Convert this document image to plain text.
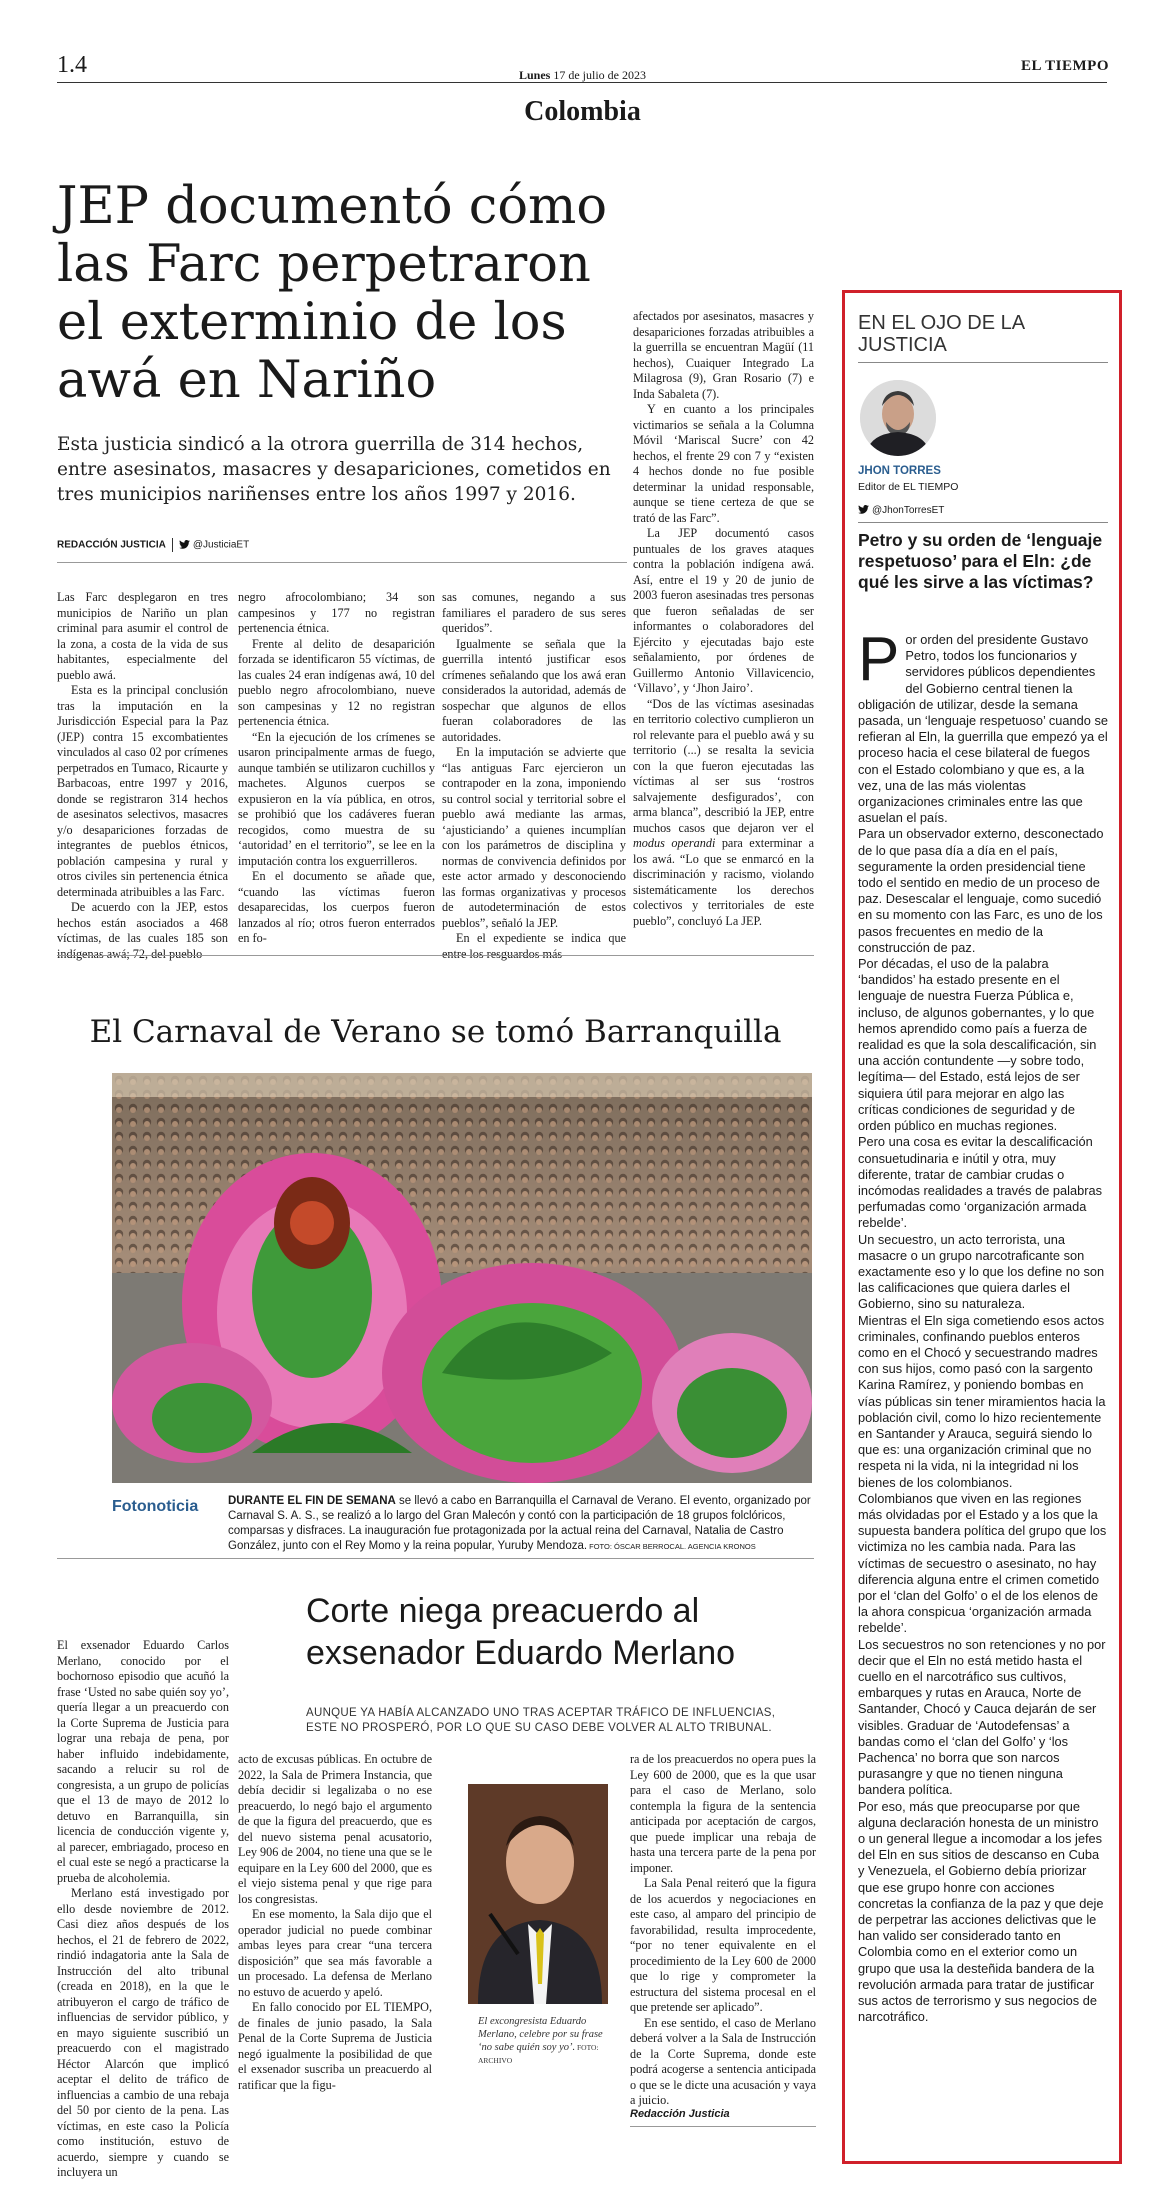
1.4	Lunes 17 de julio de 2023
EL TIEMPO
Colombia
JEP documentó cómo las Farc perpetraron el exterminio de los awá en Nariño
Esta justicia sindicó a la otrora guerrilla de 314 hechos, entre asesinatos, masacres y desapariciones, cometidos en tres municipios nariñenses entre los años 1997 y 2016.
REDACCIÓN JUSTICIA	@JusticiaET

Las Farc desplegaron en tres municipios de Nariño un plan criminal para asumir el control de la zona, a costa de la vida de sus habitantes, especialmente del pueblo awá.

Esta es la principal conclusión tras la imputación en la Jurisdicción Especial para la Paz (JEP) contra 15 excombatientes vinculados al caso 02 por crímenes perpetrados en Tumaco, Ricaurte y Barbacoas, entre 1997 y 2016, donde se registraron 314 hechos de asesinatos selectivos, masacres y/o desapariciones forzadas de integrantes de pueblos étnicos, población campesina y rural y otros civiles sin pertenencia étnica determinada atribuibles a las Farc.

De acuerdo con la JEP, estos hechos están asociados a 468 víctimas, de las cuales 185 son indígenas awá; 72, del pueblo

negro afrocolombiano; 34 son campesinos y 177 no registran pertenencia étnica.

Frente al delito de desaparición forzada se identificaron 55 víctimas, de las cuales 24 eran indígenas awá, 10 del pueblo negro afrocolombiano, nueve son campesinas y 12 no registran pertenencia étnica.

“En la ejecución de los crímenes se usaron principalmente armas de fuego, aunque también se utilizaron cuchillos y machetes. Algunos cuerpos se expusieron en la vía pública, en otros, se prohibió que los cadáveres fueran recogidos, como muestra de su ‘autoridad’ en el territorio”, se lee en la imputación contra los exguerrilleros.

En el documento se añade que, “cuando las víctimas fueron desaparecidas, los cuerpos fueron lanzados al río; otros fueron enterrados en fo-

sas comunes, negando a sus familiares el paradero de sus seres queridos”.

Igualmente se señala que la guerrilla intentó justificar esos crímenes señalando que los awá eran considerados la autoridad, además de sospechar que algunos de ellos fueran colaboradores de las autoridades.

En la imputación se advierte que “las antiguas Farc ejercieron un contrapoder en la zona, imponiendo su control social y territorial sobre el pueblo awá mediante las armas, ‘ajusticiando’ a quienes incumplían con los parámetros de disciplina y normas de convivencia definidos por este actor armado y desconociendo las formas organizativas y procesos de autodeterminación de estos pueblos”, señaló la JEP.

En el expediente se indica que entre los resguardos más

afectados por asesinatos, masacres y desapariciones forzadas atribuibles a la guerrilla se encuentran Magüí (11 hechos), Cuaiquer Integrado La Milagrosa (9), Gran Rosario (7) e Inda Sabaleta (7).

Y en cuanto a los principales victimarios se señala a la Columna Móvil ‘Mariscal Sucre’ con 42 hechos, el frente 29 con 7 y “existen 4 hechos donde no fue posible determinar la unidad responsable, aunque se tiene certeza de que se trató de las Farc”.

La JEP documentó casos puntuales de los graves ataques contra la población indígena awá. Así, entre el 19 y 20 de junio de 2003 fueron asesinadas tres personas que fueron señaladas de ser informantes o colaboradores del Ejército y ejecutadas bajo este señalamiento, por órdenes de Guillermo Antonio Villavicencio, ‘Villavo’, y ‘Jhon Jairo’.

“Dos de las víctimas asesinadas en territorio colectivo cumplieron un rol relevante para el pueblo awá y su territorio (...) se resalta la sevicia con la que fueron ejecutadas las víctimas al ser sus ‘rostros salvajemente desfigurados’, con arma blanca”, describió la JEP, entre muchos casos que dejaron ver el modus operandi para exterminar a los awá. “Lo que se enmarcó en la discriminación y racismo, violando sistemáticamente los derechos colectivos y territoriales de este pueblo”, concluyó La JEP.

El Carnaval de Verano se tomó Barranquilla
Fotonoticia	DURANTE EL FIN DE SEMANA se llevó a cabo en Barranquilla el Carnaval de Verano. El evento, organizado por Carnaval S. A. S., se realizó a lo largo del Gran Malecón y contó con la participación de 18 grupos folclóricos, comparsas y disfraces. La inauguración fue protagonizada por la actual reina del Carnaval, Natalia de Castro González, junto con el Rey Momo y la reina popular, Yuruby Mendoza. FOTO: ÓSCAR BERROCAL. AGENCIA KRONOS
Corte niega preacuerdo al exsenador Eduardo Merlano
AUNQUE YA HABÍA ALCANZADO UNO TRAS ACEPTAR TRÁFICO DE INFLUENCIAS, ESTE NO PROSPERÓ, POR LO QUE SU CASO DEBE VOLVER AL ALTO TRIBUNAL.

El exsenador Eduardo Carlos Merlano, conocido por el bochornoso episodio que acuñó la frase ‘Usted no sabe quién soy yo’, quería llegar a un preacuerdo con la Corte Suprema de Justicia para lograr una rebaja de pena, por haber influido indebidamente, sacando a relucir su rol de congresista, a un grupo de policías que el 13 de mayo de 2012 lo detuvo en Barranquilla, sin licencia de conducción vigente y, al parecer, embriagado, proceso en el cual este se negó a practicarse la prueba de alcoholemia.

Merlano está investigado por ello desde noviembre de 2012. Casi diez años después de los hechos, el 21 de febrero de 2022, rindió indagatoria ante la Sala de Instrucción del alto tribunal (creada en 2018), en la que le atribuyeron el cargo de tráfico de influencias de servidor público, y en mayo siguiente suscribió un preacuerdo con el magistrado Héctor Alarcón que implicó aceptar el delito de tráfico de influencias a cambio de una rebaja del 50 por ciento de la pena. Las víctimas, en este caso la Policía como institución, estuvo de acuerdo, siempre y cuando se incluyera un

acto de excusas públicas. En octubre de 2022, la Sala de Primera Instancia, que debía decidir si legalizaba o no ese preacuerdo, lo negó bajo el argumento de que la figura del preacuerdo, que es del nuevo sistema penal acusatorio, Ley 906 de 2004, no tiene una que se le equipare en la Ley 600 del 2000, que es el viejo sistema penal y que rige para los congresistas.

En ese momento, la Sala dijo que el operador judicial no puede combinar ambas leyes para crear “una tercera disposición” que sea más favorable a un procesado. La defensa de Merlano no estuvo de acuerdo y apeló.

En fallo conocido por EL TIEMPO, de finales de junio pasado, la Sala Penal de la Corte Suprema de Justicia negó igualmente la posibilidad de que el exsenador suscriba un preacuerdo al ratificar que la figu-

ra de los preacuerdos no opera pues la Ley 600 de 2000, que es la que usar para el caso de Merlano, solo contempla la figura de la sentencia anticipada por aceptación de cargos, que puede implicar una rebaja de hasta una tercera parte de la pena por imponer.

La Sala Penal reiteró que la figura de los acuerdos y negociaciones en este caso, al amparo del principio de favorabilidad, resulta improcedente, “por no tener equivalente en el procedimiento de la Ley 600 de 2000 que lo rige y comprometer la estructura del sistema procesal en el que pretende ser aplicado”.

En ese sentido, el caso de Merlano deberá volver a la Sala de Instrucción de la Corte Suprema, donde este podrá acogerse a sentencia anticipada o que se le dicte una acusación y vaya a juicio.

El excongresista Eduardo Merlano, celebre por su frase ‘no sabe quién soy yo’. FOTO: ARCHIVO
Redacción Justicia
EN EL OJO DE LA JUSTICIA
JHON TORRES
Editor de EL TIEMPO
@JhonTorresET
Petro y su orden de ‘lenguaje respetuoso’ para el Eln: ¿de qué les sirve a las víctimas?

Por orden del presidente Gustavo Petro, todos los funcionarios y servidores públicos dependientes del Gobierno central tienen la obligación de utilizar, desde la semana pasada, un ‘lenguaje respetuoso’ cuando se refieran al Eln, la guerrilla que empezó ya el proceso hacia el cese bilateral de fuegos con el Estado colombiano y que es, a la vez, una de las más violentas organizaciones criminales entre las que asuelan el país.

Para un observador externo, desconectado de lo que pasa día a día en el país, seguramente la orden presidencial tiene todo el sentido en medio de un proceso de paz. Desescalar el lenguaje, como sucedió en su momento con las Farc, es uno de los pasos frecuentes en medio de la construcción de paz.

Por décadas, el uso de la palabra ‘bandidos’ ha estado presente en el lenguaje de nuestra Fuerza Pública e, incluso, de algunos gobernantes, y lo que hemos aprendido como país a fuerza de realidad es que la sola descalificación, sin una acción contundente —y sobre todo, legítima— del Estado, está lejos de ser siquiera útil para mejorar en algo las críticas condiciones de seguridad y de orden público en muchas regiones.

Pero una cosa es evitar la descalificación consuetudinaria e inútil y otra, muy diferente, tratar de cambiar crudas o incómodas realidades a través de palabras perfumadas como ‘organización armada rebelde’.

Un secuestro, un acto terrorista, una masacre o un grupo narcotraficante son exactamente eso y lo que los define no son las calificaciones que quiera darles el Gobierno, sino su naturaleza.

Mientras el Eln siga cometiendo esos actos criminales, confinando pueblos enteros como en el Chocó y secuestrando madres con sus hijos, como pasó con la sargento Karina Ramírez, y poniendo bombas en vías públicas sin tener miramientos hacia la población civil, como lo hizo recientemente en Santander y Arauca, seguirá siendo lo que es: una organización criminal que no respeta ni la vida, ni la integridad ni los bienes de los colombianos.

Colombianos que viven en las regiones más olvidadas por el Estado y a los que la supuesta bandera política del grupo que los victimiza no les cambia nada. Para las víctimas de secuestro o asesinato, no hay diferencia alguna entre el crimen cometido por el ‘clan del Golfo’ o el de los elenos de la ahora conspicua ‘organización armada rebelde’.

Los secuestros no son retenciones y no por decir que el Eln no está metido hasta el cuello en el narcotráfico sus cultivos, embarques y rutas en Arauca, Norte de Santander, Chocó y Cauca dejarán de ser visibles. Graduar de ‘Autodefensas’ a bandas como el ‘clan del Golfo’ y ‘los Pachenca’ no borra que son narcos purasangre y que no tienen ninguna bandera política.

Por eso, más que preocuparse por que alguna declaración honesta de un ministro o un general llegue a incomodar a los jefes del Eln en sus sitios de descanso en Cuba y Venezuela, el Gobierno debía priorizar que ese grupo honre con acciones concretas la confianza de la paz y que deje de perpetrar las acciones delictivas que le han valido ser considerado tanto en Colombia como en el exterior como un grupo que usa la desteñida bandera de la revolución armada para tratar de justificar sus actos de terrorismo y sus negocios de narcotráfico.
